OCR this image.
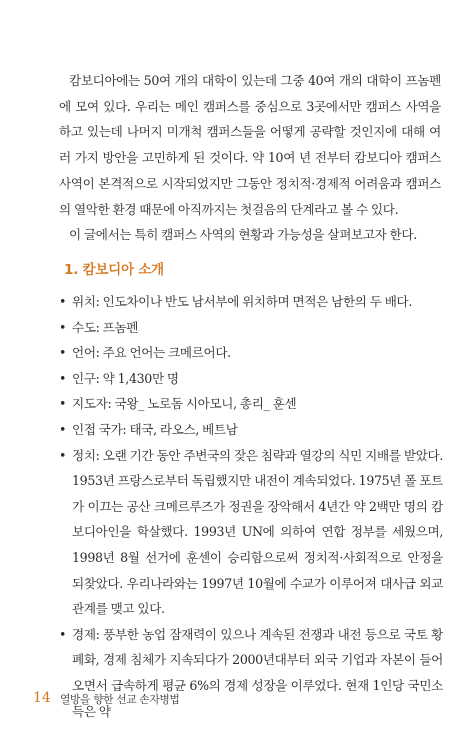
캄보디아에는 50여 개의 대학이 있는데 그중 40여 개의 대학이 프놈펜에 모여 있다. 우리는 메인 캠퍼스를 중심으로 3곳에서만 캠퍼스 사역을 하고 있는데 나머지 미개척 캠퍼스들을 어떻게 공략할 것인지에 대해 여러 가지 방안을 고민하게 된 것이다. 약 10여 년 전부터 캄보디아 캠퍼스 사역이 본격적으로 시작되었지만 그동안 정치적·경제적 어려움과 캠퍼스의 열악한 환경 때문에 아직까지는 첫걸음의 단계라고 볼 수 있다.

이 글에서는 특히 캠퍼스 사역의 현황과 가능성을 살펴보고자 한다.

1. 캄보디아 소개
• 위치: 인도차이나 반도 남서부에 위치하며 면적은 남한의 두 배다.
• 수도: 프놈펜
• 언어: 주요 언어는 크메르어다.
• 인구: 약 1,430만 명
• 지도자: 국왕_ 노로돔 시아모니, 총리_ 훈센
• 인접 국가: 태국, 라오스, 베트남
• 정치: 오랜 기간 동안 주변국의 잦은 침략과 열강의 식민 지배를 받았다. 1953년 프랑스로부터 독립했지만 내전이 계속되었다. 1975년 폴 포트가 이끄는 공산 크메르루즈가 정권을 장악해서 4년간 약 2백만 명의 캄보디아인을 학살했다. 1993년 UN에 의하여 연합 정부를 세웠으며, 1998년 8월 선거에 훈센이 승리함으로써 정치적·사회적으로 안정을 되찾았다. 우리나라와는 1997년 10월에 수교가 이루어져 대사급 외교 관계를 맺고 있다.
• 경제: 풍부한 농업 잠재력이 있으나 계속된 전쟁과 내전 등으로 국토 황폐화, 경제 침체가 지속되다가 2000년대부터 외국 기업과 자본이 들어오면서 급속하게 평균 6%의 경제 성장을 이루었다. 현재 1인당 국민소득은 약
14 열방을 향한 선교 손자병법
